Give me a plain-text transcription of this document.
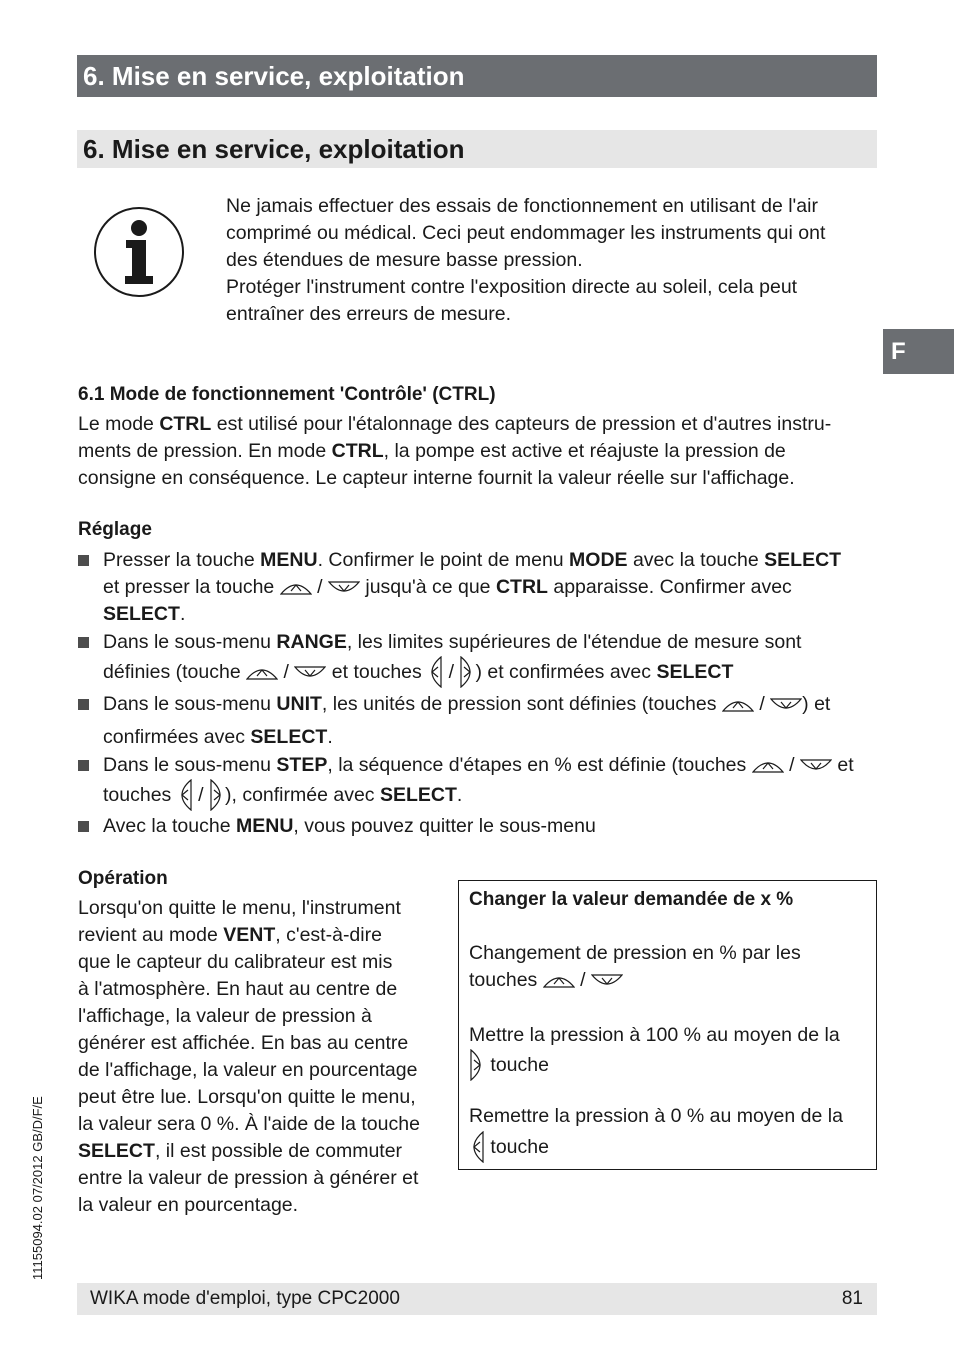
6. Mise en service, exploitation
6. Mise en service, exploitation
F
Ne jamais effectuer des essais de fonctionnement en utilisant de l'air
comprimé ou médical. Ceci peut endommager les instruments qui ont
des étendues de mesure basse pression.
Protéger l'instrument contre l'exposition directe au soleil, cela peut
entraîner des erreurs de mesure.
6.1 Mode de fonctionnement 'Contrôle' (CTRL)
Le mode CTRL est utilisé pour l'étalonnage des capteurs de pression et d'autres instru-
ments de pression. En mode CTRL, la pompe est active et réajuste la pression de
consigne en conséquence. Le capteur interne fournit la valeur réelle sur l'affichage.
Réglage
Presser la touche MENU. Confirmer le point de menu MODE avec la touche SELECT
et presser la touche  /  jusqu'à ce que CTRL apparaisse. Confirmer avec
SELECT.
Dans le sous-menu RANGE, les limites supérieures de l'étendue de mesure sont
définies (touche  /  et touches  / ) et confirmées avec SELECT
Dans le sous-menu UNIT, les unités de pression sont définies (touches  / ) et
confirmées avec SELECT.
Dans le sous-menu STEP, la séquence d'étapes en % est définie (touches  /  et
touches  / ), confirmée avec SELECT.
Avec la touche MENU, vous pouvez quitter le sous-menu
Opération
Lorsqu'on quitte le menu, l'instrument
revient au mode VENT, c'est-à-dire
que le capteur du calibrateur est mis
à l'atmosphère. En haut au centre de
l'affichage, la valeur de pression à
générer est affichée. En bas au centre
de l'affichage, la valeur en pourcentage
peut être lue. Lorsqu'on quitte le menu,
la valeur sera 0 %. À l'aide de la touche
SELECT, il est possible de commuter
entre la valeur de pression à générer et
la valeur en pourcentage.
Changer la valeur demandée de x %
Changement de pression en % par les
touches  /
Mettre la pression à 100 % au moyen de la
touche
Remettre la pression à 0 % au moyen de la
touche
11155094.02 07/2012 GB/D/F/E
WIKA mode d'emploi, type CPC2000	81
